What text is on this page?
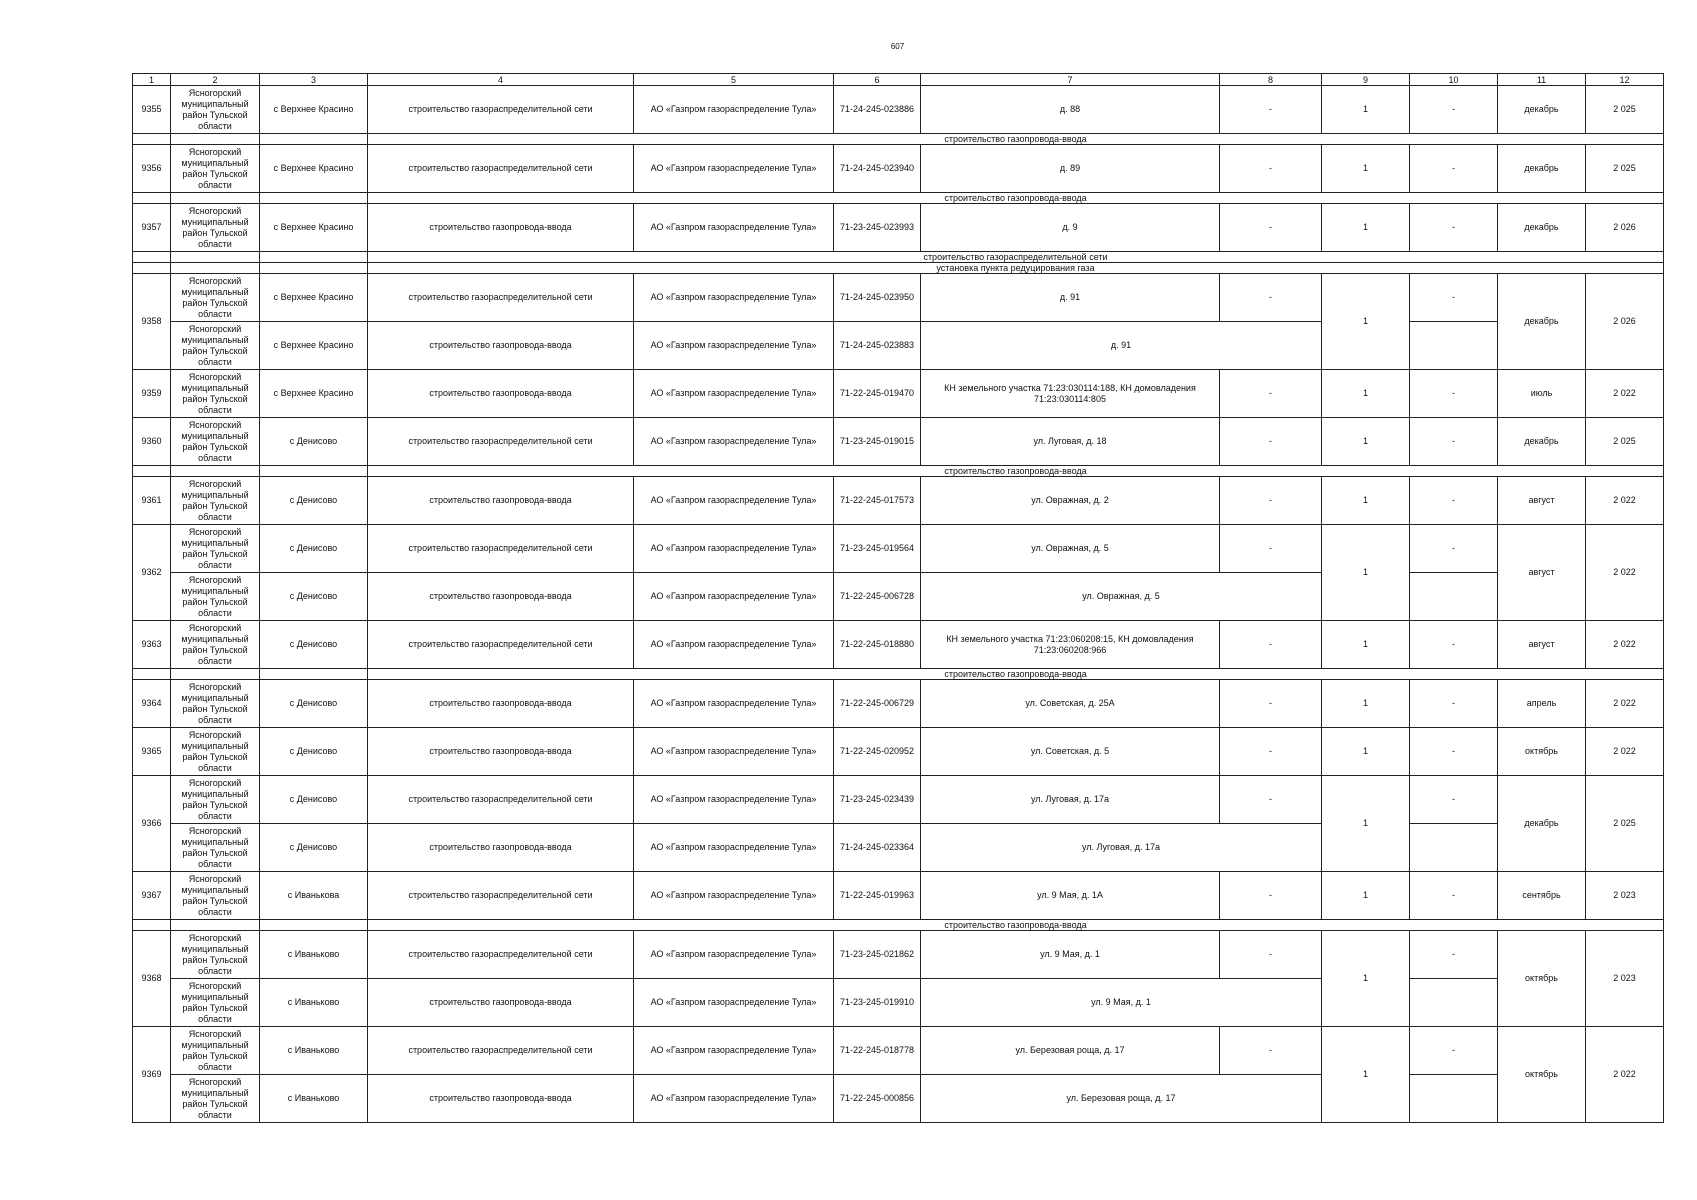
607
1	2	3	4	5	6	7	8	9	10	11	12
9355	Ясногорский муниципальный район Тульской области	с Верхнее Красино	строительство газораспределительной сети	АО «Газпром газораспределение Тула»	71-24-245-023886	д. 88	-	1	-	декабрь	2 025
			строительство газопровода-ввода								
9356	Ясногорский муниципальный район Тульской области	с Верхнее Красино	строительство газораспределительной сети	АО «Газпром газораспределение Тула»	71-24-245-023940	д. 89	-	1	-	декабрь	2 025
			строительство газопровода-ввода								
9357	Ясногорский муниципальный район Тульской области	с Верхнее Красино	строительство газопровода-ввода	АО «Газпром газораспределение Тула»	71-23-245-023993	д. 9	-	1	-	декабрь	2 026
			строительство газораспределительной сети								
			установка пункта редуцирования газа								
9358	Ясногорский муниципальный район Тульской области	с Верхнее Красино	строительство газораспределительной сети	АО «Газпром газораспределение Тула»	71-24-245-023950	д. 91	-	1	-	декабрь	2 026
	Ясногорский муниципальный район Тульской области	с Верхнее Красино	строительство газопровода-ввода	АО «Газпром газораспределение Тула»	71-24-245-023883	д. 91					
9359	Ясногорский муниципальный район Тульской области	с Верхнее Красино	строительство газопровода-ввода	АО «Газпром газораспределение Тула»	71-22-245-019470	КН земельного участка 71:23:030114:188, КН домовладения 71:23:030114:805	-	1	-	июль	2 022
9360	Ясногорский муниципальный район Тульской области	с Денисово	строительство газораспределительной сети	АО «Газпром газораспределение Тула»	71-23-245-019015	ул. Луговая, д. 18	-	1	-	декабрь	2 025
			строительство газопровода-ввода								
9361	Ясногорский муниципальный район Тульской области	с Денисово	строительство газопровода-ввода	АО «Газпром газораспределение Тула»	71-22-245-017573	ул. Овражная, д. 2	-	1	-	август	2 022
9362	Ясногорский муниципальный район Тульской области	с Денисово	строительство газораспределительной сети	АО «Газпром газораспределение Тула»	71-23-245-019564	ул. Овражная, д. 5	-	1	-	август	2 022
	Ясногорский муниципальный район Тульской области	с Денисово	строительство газопровода-ввода	АО «Газпром газораспределение Тула»	71-22-245-006728	ул. Овражная, д. 5					
9363	Ясногорский муниципальный район Тульской области	с Денисово	строительство газораспределительной сети	АО «Газпром газораспределение Тула»	71-22-245-018880	КН земельного участка 71:23:060208:15, КН домовладения 71:23:060208:966	-	1	-	август	2 022
			строительство газопровода-ввода								
9364	Ясногорский муниципальный район Тульской области	с Денисово	строительство газопровода-ввода	АО «Газпром газораспределение Тула»	71-22-245-006729	ул. Советская, д. 25А	-	1	-	апрель	2 022
9365	Ясногорский муниципальный район Тульской области	с Денисово	строительство газопровода-ввода	АО «Газпром газораспределение Тула»	71-22-245-020952	ул. Советская, д. 5	-	1	-	октябрь	2 022
9366	Ясногорский муниципальный район Тульской области	с Денисово	строительство газораспределительной сети	АО «Газпром газораспределение Тула»	71-23-245-023439	ул. Луговая, д. 17а	-	1	-	декабрь	2 025
	Ясногорский муниципальный район Тульской области	с Денисово	строительство газопровода-ввода	АО «Газпром газораспределение Тула»	71-24-245-023364	ул. Луговая, д. 17а					
9367	Ясногорский муниципальный район Тульской области	с Иванькова	строительство газораспределительной сети	АО «Газпром газораспределение Тула»	71-22-245-019963	ул. 9 Мая, д. 1А	-	1	-	сентябрь	2 023
			строительство газопровода-ввода								
9368	Ясногорский муниципальный район Тульской области	с Иваньково	строительство газораспределительной сети	АО «Газпром газораспределение Тула»	71-23-245-021862	ул. 9 Мая, д. 1	-	1	-	октябрь	2 023
	Ясногорский муниципальный район Тульской области	с Иваньково	строительство газопровода-ввода	АО «Газпром газораспределение Тула»	71-23-245-019910	ул. 9 Мая, д. 1					
9369	Ясногорский муниципальный район Тульской области	с Иваньково	строительство газораспределительной сети	АО «Газпром газораспределение Тула»	71-22-245-018778	ул. Березовая роща, д. 17	-	1	-	октябрь	2 022
	Ясногорский муниципальный район Тульской области	с Иваньково	строительство газопровода-ввода	АО «Газпром газораспределение Тула»	71-22-245-000856	ул. Березовая роща, д. 17					
